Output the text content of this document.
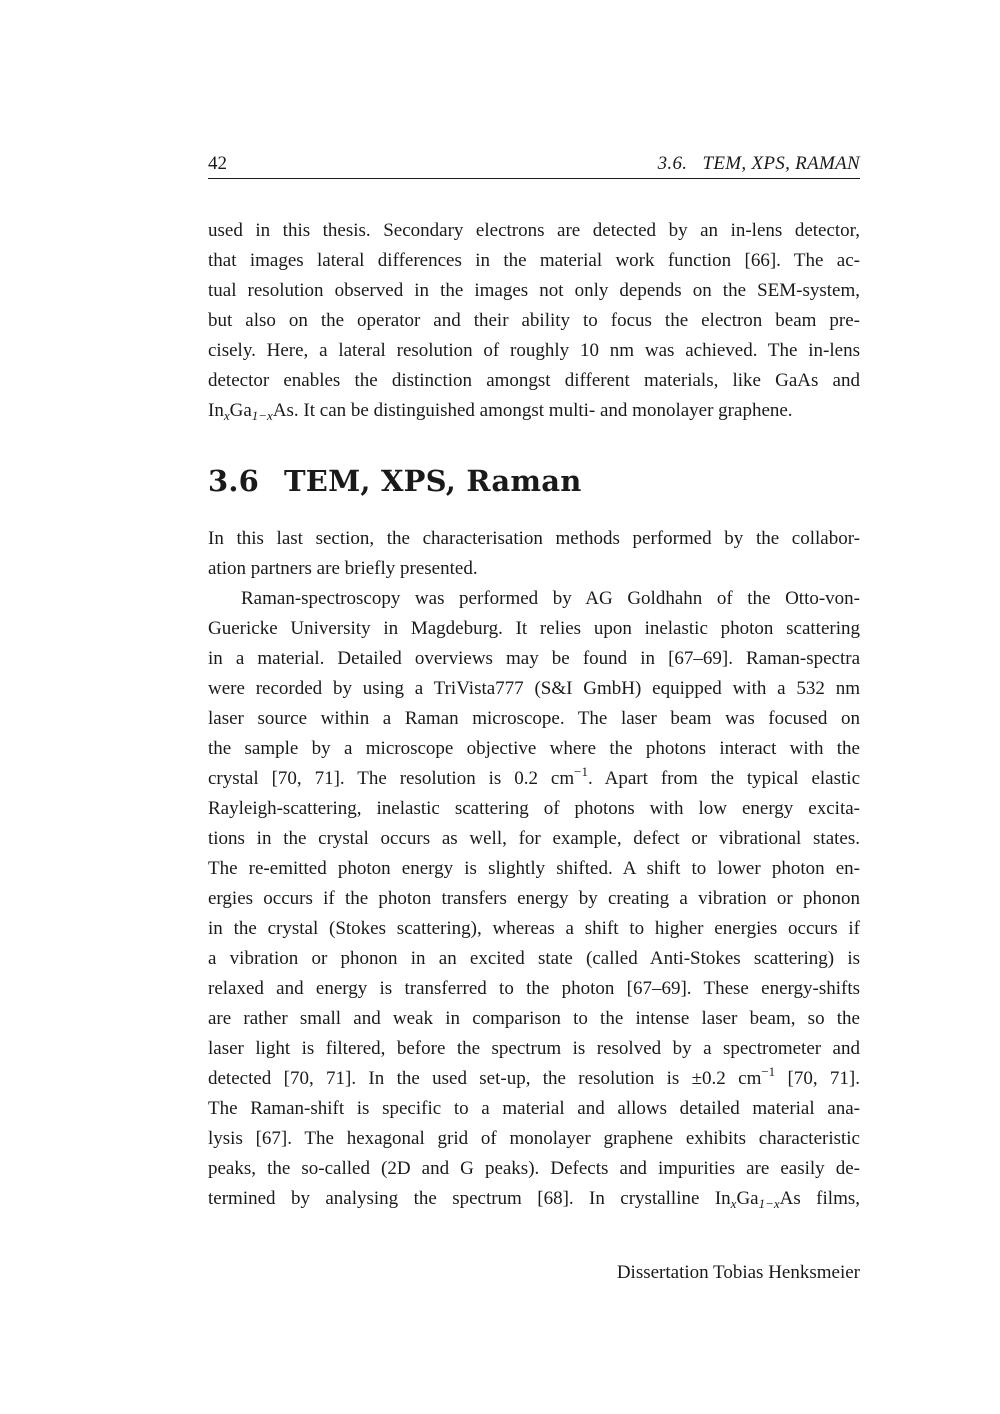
42	3.6.   TEM, XPS, RAMAN
used in this thesis. Secondary electrons are detected by an in-lens detector,
that images lateral differences in the material work function [66]. The ac-
tual resolution observed in the images not only depends on the SEM-system,
but also on the operator and their ability to focus the electron beam pre-
cisely. Here, a lateral resolution of roughly 10 nm was achieved. The in-lens
detector enables the distinction amongst different materials, like GaAs and
$In_xGa_{1-x}As$. It can be distinguished amongst multi- and monolayer graphene.
3.6 TEM, XPS, Raman
In this last section, the characterisation methods performed by the collabor-
ation partners are briefly presented.
Raman-spectroscopy was performed by AG Goldhahn of the Otto-von-
Guericke University in Magdeburg. It relies upon inelastic photon scattering
in a material. Detailed overviews may be found in [67–69]. Raman-spectra
were recorded by using a TriVista777 (S&I GmbH) equipped with a 532 nm
laser source within a Raman microscope. The laser beam was focused on
the sample by a microscope objective where the photons interact with the
crystal [70, 71]. The resolution is 0.2 $cm^{-1}$. Apart from the typical elastic
Rayleigh-scattering, inelastic scattering of photons with low energy excita-
tions in the crystal occurs as well, for example, defect or vibrational states.
The re-emitted photon energy is slightly shifted. A shift to lower photon en-
ergies occurs if the photon transfers energy by creating a vibration or phonon
in the crystal (Stokes scattering), whereas a shift to higher energies occurs if
a vibration or phonon in an excited state (called Anti-Stokes scattering) is
relaxed and energy is transferred to the photon [67–69]. These energy-shifts
are rather small and weak in comparison to the intense laser beam, so the
laser light is filtered, before the spectrum is resolved by a spectrometer and
detected [70, 71]. In the used set-up, the resolution is ±0.2 $cm^{-1}$ [70, 71].
The Raman-shift is specific to a material and allows detailed material ana-
lysis [67]. The hexagonal grid of monolayer graphene exhibits characteristic
peaks, the so-called (2D and G peaks). Defects and impurities are easily de-
termined by analysing the spectrum [68]. In crystalline $In_xGa_{1-x}As$ films,
Dissertation Tobias Henksmeier
